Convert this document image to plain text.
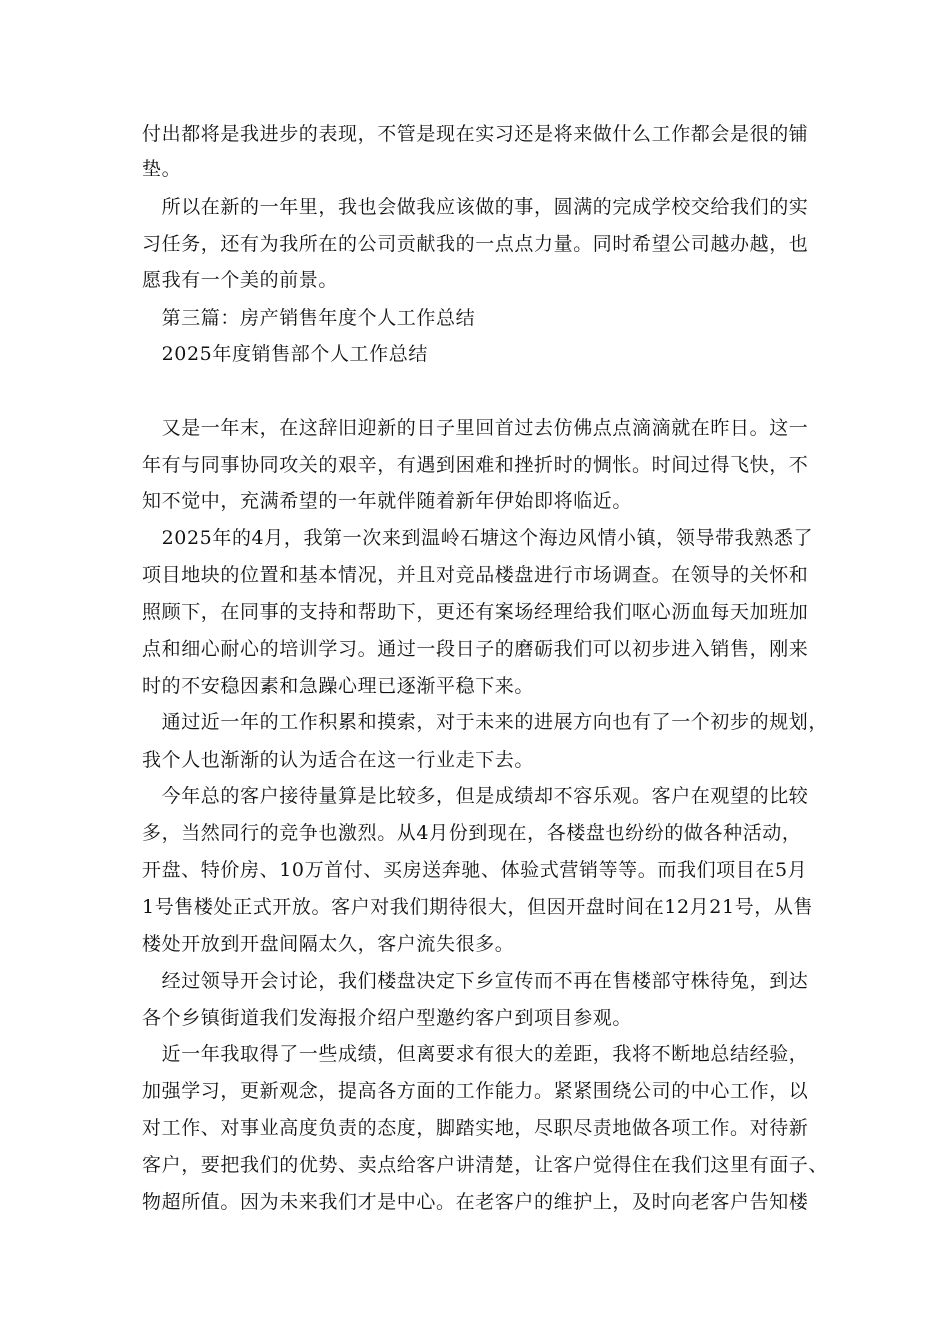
付出都将是我进步的表现，不管是现在实习还是将来做什么工作都会是很的铺
垫。
　所以在新的一年里，我也会做我应该做的事，圆满的完成学校交给我们的实
习任务，还有为我所在的公司贡献我的一点点力量。同时希望公司越办越，也
愿我有一个美的前景。
　第三篇：房产销售年度个人工作总结
　2025年度销售部个人工作总结
　又是一年末，在这辞旧迎新的日子里回首过去仿佛点点滴滴就在昨日。这一
年有与同事协同攻关的艰辛，有遇到困难和挫折时的惆怅。时间过得飞快，不
知不觉中，充满希望的一年就伴随着新年伊始即将临近。
　2025年的4月，我第一次来到温岭石塘这个海边风情小镇，领导带我熟悉了
项目地块的位置和基本情况，并且对竞品楼盘进行市场调查。在领导的关怀和
照顾下，在同事的支持和帮助下，更还有案场经理给我们呕心沥血每天加班加
点和细心耐心的培训学习。通过一段日子的磨砺我们可以初步进入销售，刚来
时的不安稳因素和急躁心理已逐渐平稳下来。
　通过近一年的工作积累和摸索，对于未来的进展方向也有了一个初步的规划，
我个人也渐渐的认为适合在这一行业走下去。
　今年总的客户接待量算是比较多，但是成绩却不容乐观。客户在观望的比较
多，当然同行的竞争也激烈。从4月份到现在，各楼盘也纷纷的做各种活动，
开盘、特价房、10万首付、买房送奔驰、体验式营销等等。而我们项目在5月
1号售楼处正式开放。客户对我们期待很大，但因开盘时间在12月21号，从售
楼处开放到开盘间隔太久，客户流失很多。
　经过领导开会讨论，我们楼盘决定下乡宣传而不再在售楼部守株待兔，到达
各个乡镇街道我们发海报介绍户型邀约客户到项目参观。
　近一年我取得了一些成绩，但离要求有很大的差距，我将不断地总结经验，
加强学习，更新观念，提高各方面的工作能力。紧紧围绕公司的中心工作，以
对工作、对事业高度负责的态度，脚踏实地，尽职尽责地做各项工作。对待新
客户，要把我们的优势、卖点给客户讲清楚，让客户觉得住在我们这里有面子、
物超所值。因为未来我们才是中心。在老客户的维护上，及时向老客户告知楼
